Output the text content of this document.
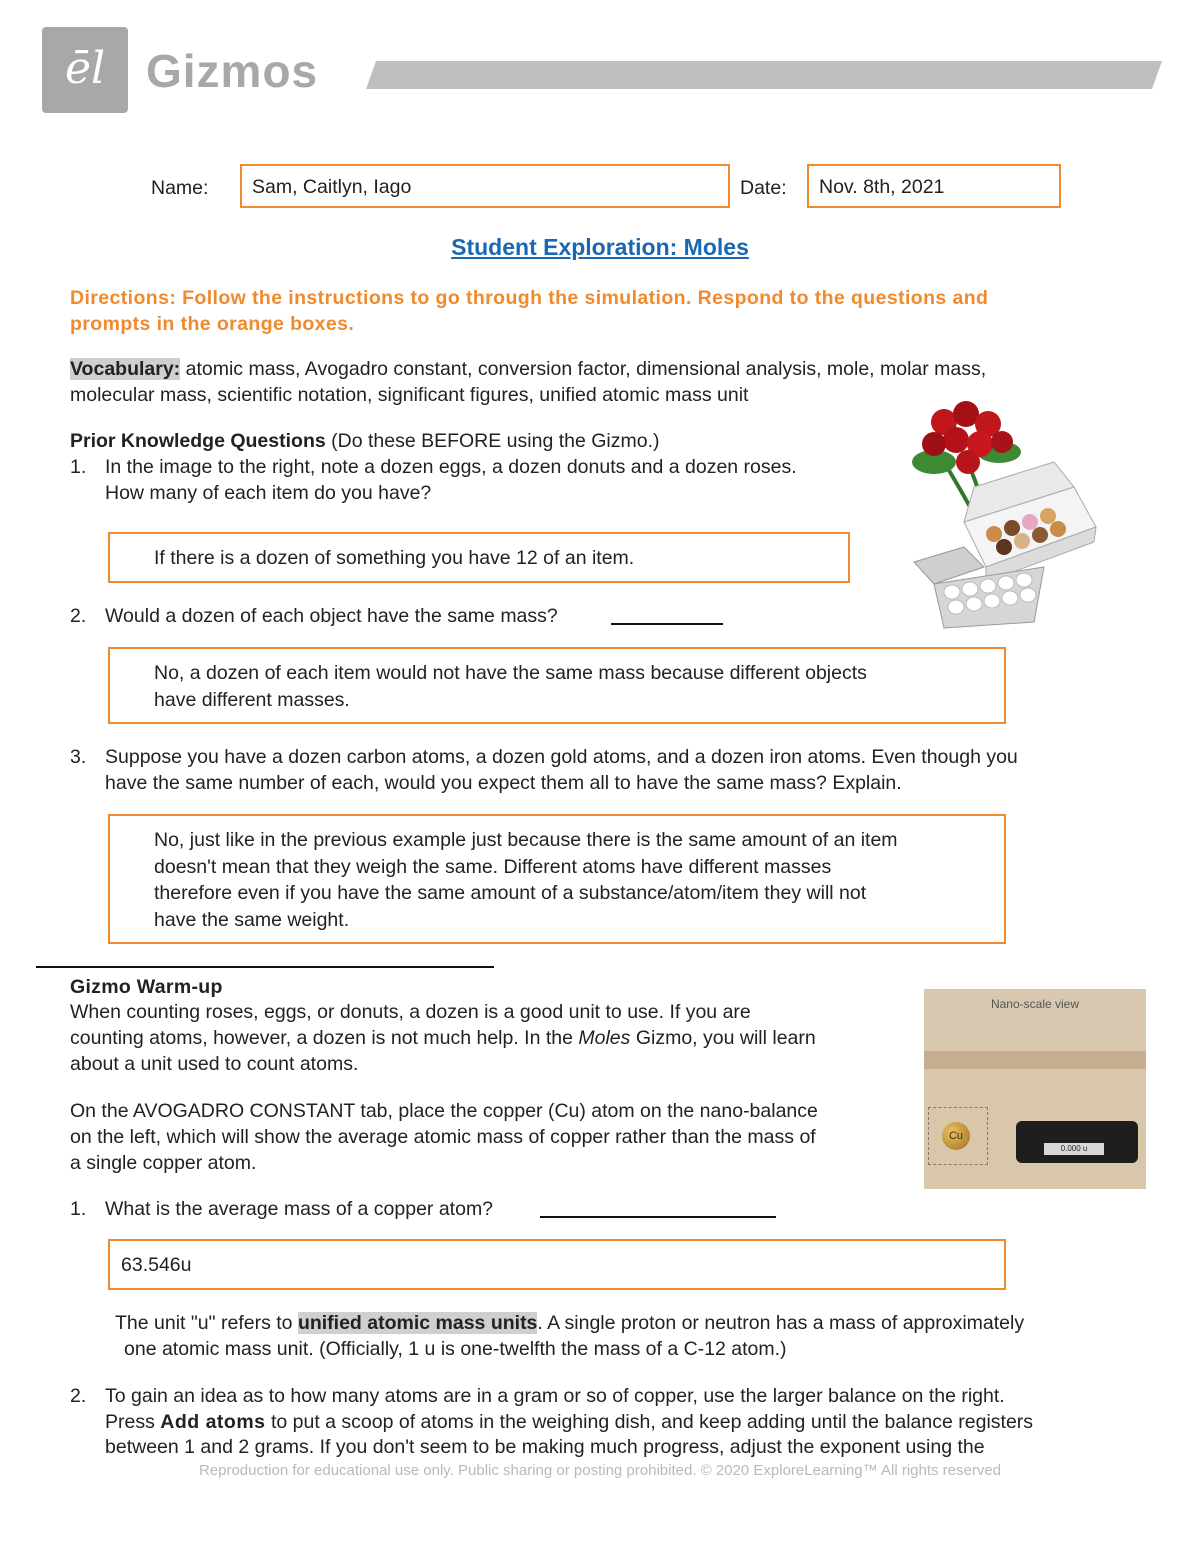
ēl Gizmos
Name:	Sam, Caitlyn, Iago	Date:	Nov. 8th, 2021
Student Exploration: Moles
Directions: Follow the instructions to go through the simulation. Respond to the questions and
prompts in the orange boxes.
Vocabulary: atomic mass, Avogadro constant, conversion factor, dimensional analysis, mole, molar mass,
molecular mass, scientific notation, significant figures, unified atomic mass unit
Prior Knowledge Questions (Do these BEFORE using the Gizmo.)
1. In the image to the right, note a dozen eggs, a dozen donuts and a dozen roses.
How many of each item do you have?
If there is a dozen of something you have 12 of an item.
2. Would a dozen of each object have the same mass?
No, a dozen of each item would not have the same mass because different objects
have different masses.
3. Suppose you have a dozen carbon atoms, a dozen gold atoms, and a dozen iron atoms. Even though you
have the same number of each, would you expect them all to have the same mass? Explain.
No, just like in the previous example just because there is the same amount of an item
doesn't mean that they weigh the same. Different atoms have different masses
therefore even if you have the same amount of a substance/atom/item they will not
have the same weight.
Gizmo Warm-up
When counting roses, eggs, or donuts, a dozen is a good unit to use. If you are
counting atoms, however, a dozen is not much help. In the Moles Gizmo, you will learn
about a unit used to count atoms.
On the AVOGADRO CONSTANT tab, place the copper (Cu) atom on the nano-balance
on the left, which will show the average atomic mass of copper rather than the mass of
a single copper atom.
Nano-scale view
Cu
0.000 u
1. What is the average mass of a copper atom?
63.546u
The unit "u" refers to unified atomic mass units. A single proton or neutron has a mass of approximately
one atomic mass unit. (Officially, 1 u is one-twelfth the mass of a C-12 atom.)
2. To gain an idea as to how many atoms are in a gram or so of copper, use the larger balance on the right.
Press Add atoms to put a scoop of atoms in the weighing dish, and keep adding until the balance registers
between 1 and 2 grams. If you don't seem to be making much progress, adjust the exponent using the
Reproduction for educational use only. Public sharing or posting prohibited. © 2020 ExploreLearning™ All rights reserved
